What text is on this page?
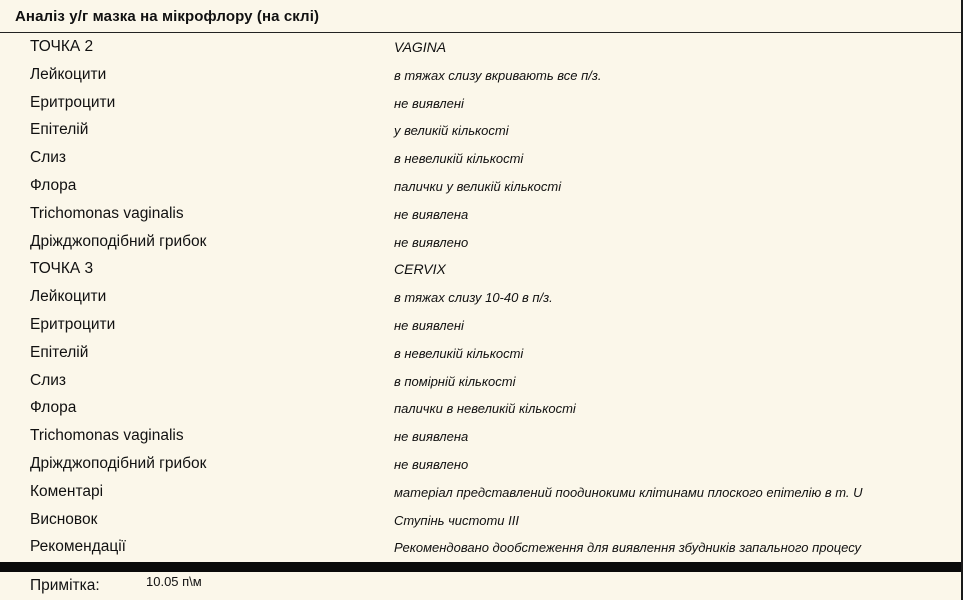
Аналіз у/г мазка на мікрофлору (на склі)
ТОЧКА 2	VAGINA
Лейкоцити	в тяжах слизу вкривають все п/з.
Еритроцити	не виявлені
Епітелій	у великій кількості
Слиз	в невеликій кількості
Флора	палички у великій кількості
Trichomonas vaginalis	не виявлена
Дріжджоподібний грибок	не виявлено
ТОЧКА 3	CERVIX
Лейкоцити	в тяжах слизу 10-40 в п/з.
Еритроцити	не виявлені
Епітелій	в невеликій кількості
Слиз	в помірній кількості
Флора	палички в невеликій кількості
Trichomonas vaginalis	не виявлена
Дріжджоподібний грибок	не виявлено
Коментарі	матеріал представлений поодинокими клітинами плоского епітелію в т. U
Висновок	Ступінь чистоти III
Рекомендації	Рекомендовано дообстеження для виявлення збудників запального процесу
Примітка:	10.05 п\м
